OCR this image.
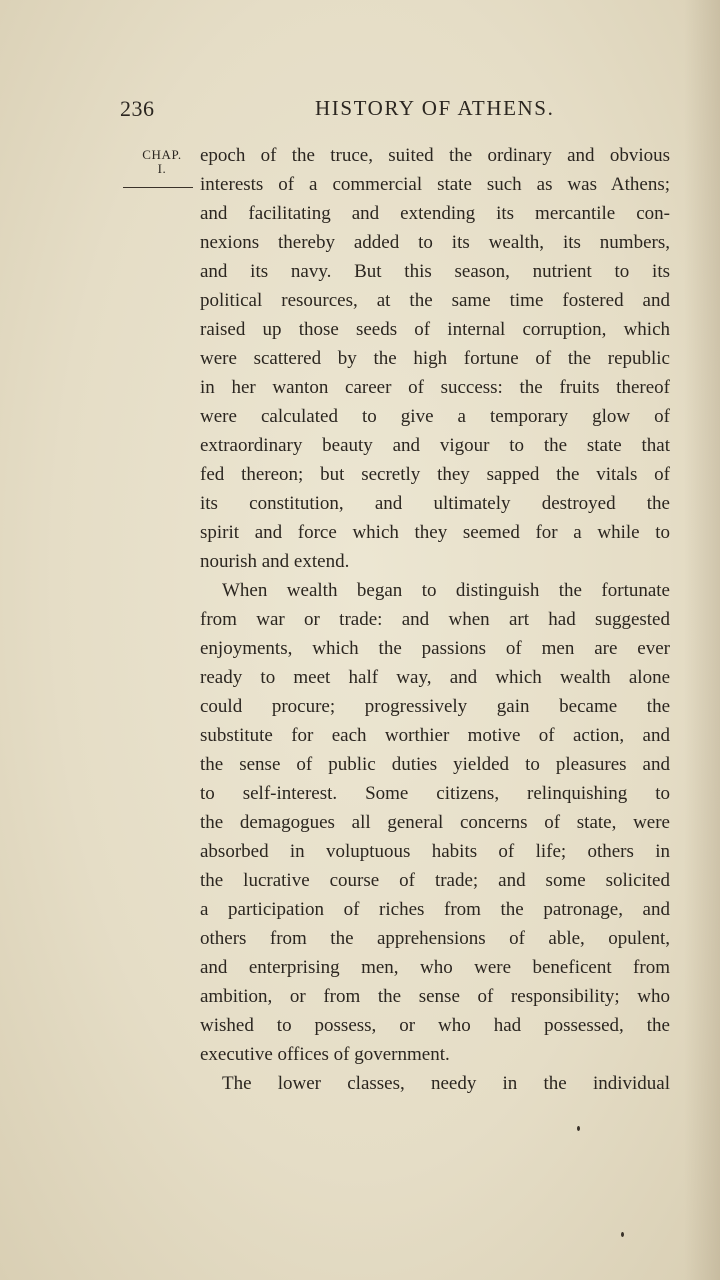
236	HISTORY OF ATHENS.
CHAP.
I.
epoch of the truce, suited the ordinary and obvious
interests of a commercial state such as was Athens;
and facilitating and extending its mercantile con-
nexions thereby added to its wealth, its numbers,
and its navy. But this season, nutrient to its
political resources, at the same time fostered and
raised up those seeds of internal corruption, which
were scattered by the high fortune of the republic
in her wanton career of success: the fruits thereof
were calculated to give a temporary glow of
extraordinary beauty and vigour to the state that
fed thereon; but secretly they sapped the vitals of
its constitution, and ultimately destroyed the
spirit and force which they seemed for a while to
nourish and extend.
When wealth began to distinguish the fortunate
from war or trade: and when art had suggested
enjoyments, which the passions of men are ever
ready to meet half way, and which wealth alone
could procure; progressively gain became the
substitute for each worthier motive of action, and
the sense of public duties yielded to pleasures and
to self-interest. Some citizens, relinquishing to
the demagogues all general concerns of state, were
absorbed in voluptuous habits of life; others in
the lucrative course of trade; and some solicited
a participation of riches from the patronage, and
others from the apprehensions of able, opulent,
and enterprising men, who were beneficent from
ambition, or from the sense of responsibility; who
wished to possess, or who had possessed, the
executive offices of government.
The lower classes, needy in the individual
